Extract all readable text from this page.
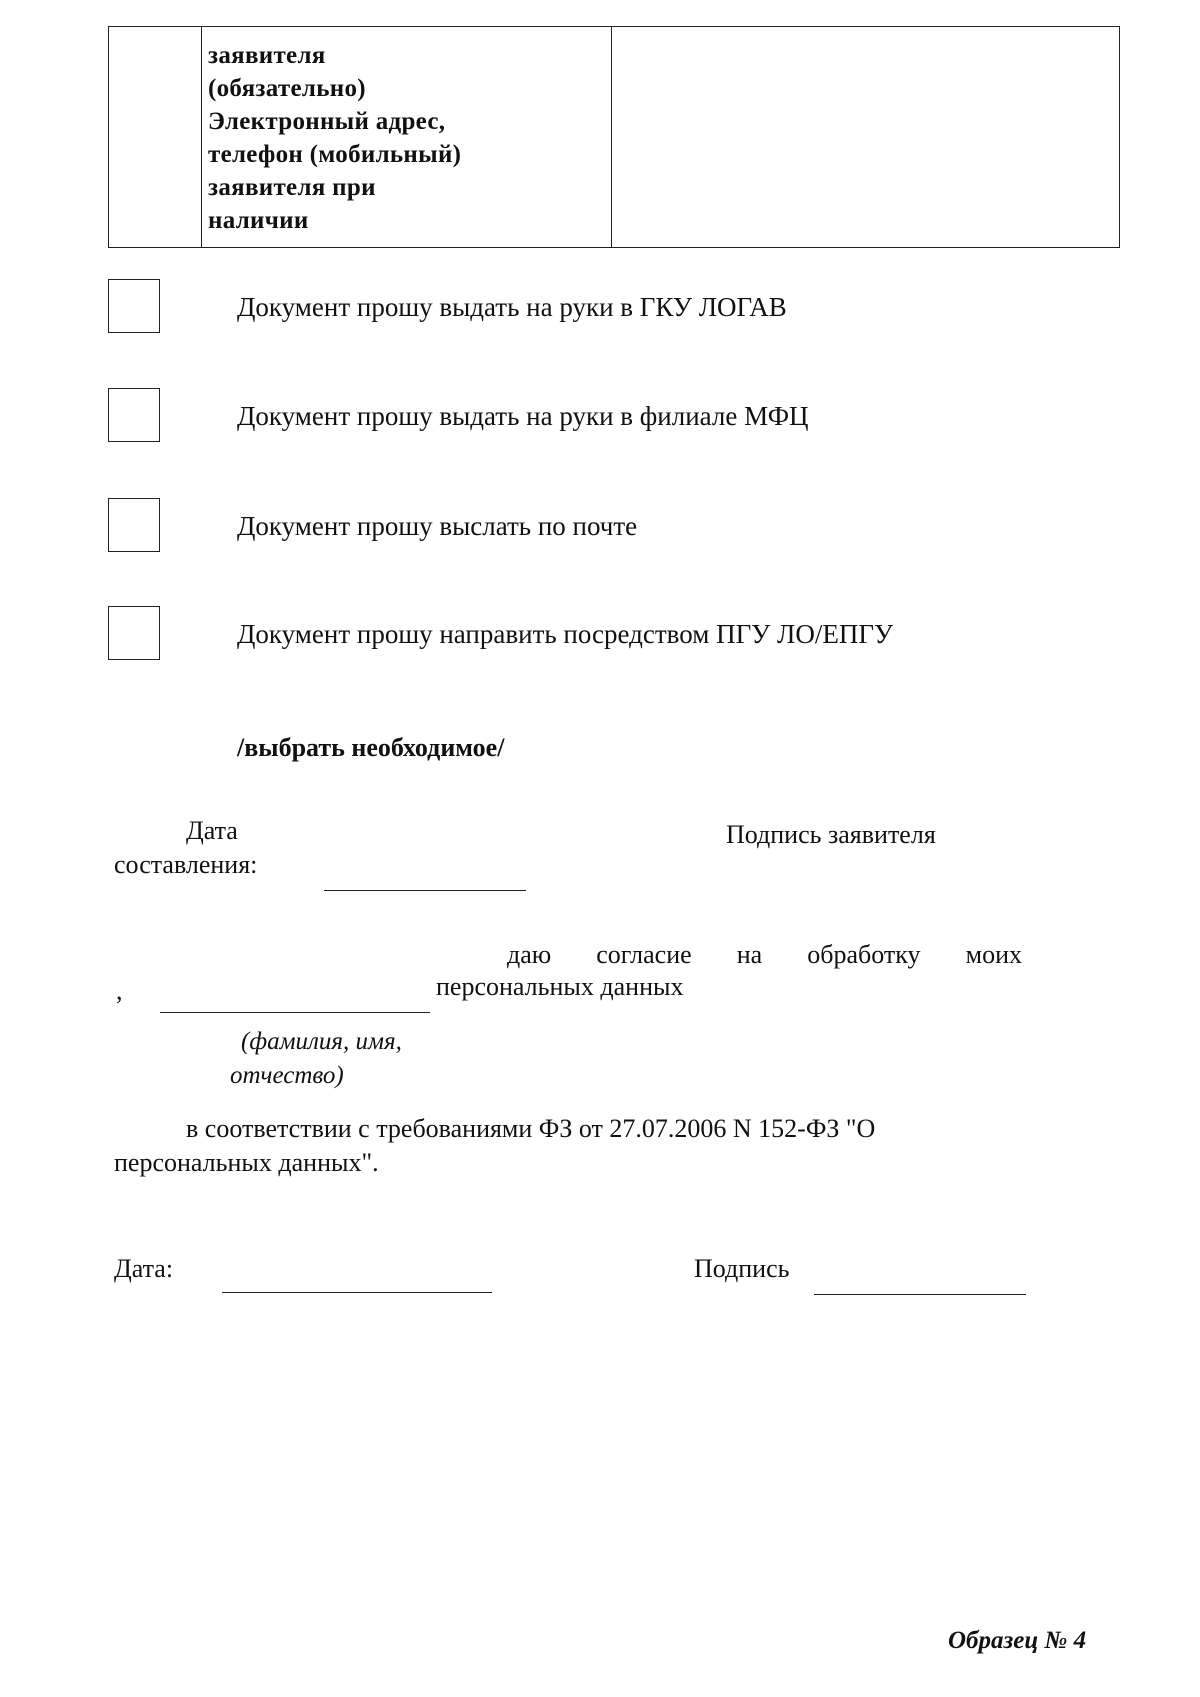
заявителя
(обязательно)
Электронный адрес,
телефон (мобильный)
заявителя при
наличии
Документ прошу выдать на руки в ГКУ ЛОГАВ
Документ прошу выдать на руки в филиале МФЦ
Документ прошу выслать по почте
Документ прошу направить посредством ПГУ ЛО/ЕПГУ
/выбрать необходимое/
Дата
составления:
Подпись заявителя
даю согласие на обработку моих
,	персональных данных
(фамилия, имя,
отчество)
в соответствии с требованиями ФЗ от 27.07.2006 N 152-ФЗ "О
персональных данных".
Дата:	Подпись
Образец № 4
